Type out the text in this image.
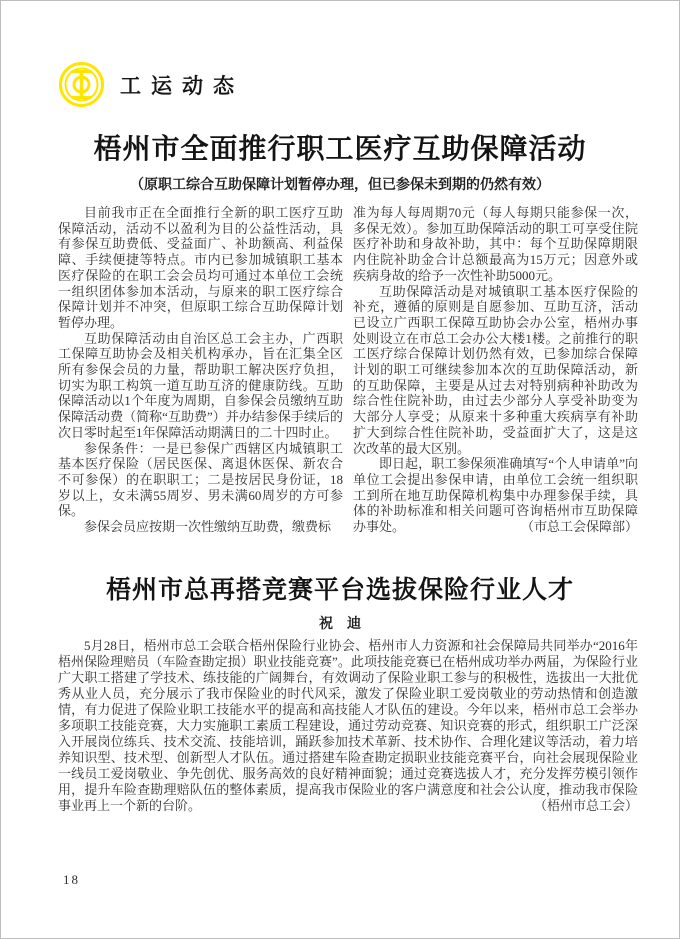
工运动态
梧州市全面推行职工医疗互助保障活动
（原职工综合互助保障计划暂停办理，但已参保未到期的仍然有效）

目前我市正在全面推行全新的职工医疗互助保障活动，活动不以盈利为目的公益性活动，具有参保互助费低、受益面广、补助额高、利益保障、手续便捷等特点。市内已参加城镇职工基本医疗保险的在职工会会员均可通过本单位工会统一组织团体参加本活动，与原来的职工医疗综合保障计划并不冲突，但原职工综合互助保障计划暂停办理。

互助保障活动由自治区总工会主办，广西职工保障互助协会及相关机构承办，旨在汇集全区所有参保会员的力量，帮助职工解决医疗负担，切实为职工构筑一道互助互济的健康防线。互助保障活动以1个年度为周期，自参保会员缴纳互助保障活动费（简称“互助费”）并办结参保手续后的次日零时起至1年保障活动期满日的二十四时止。

参保条件：一是已参保广西辖区内城镇职工基本医疗保险（居民医保、离退休医保、新农合不可参保）的在职职工；二是按居民身份证，18岁以上，女未满55周岁、男未满60周岁的方可参保。

参保会员应按期一次性缴纳互助费，缴费标

准为每人每周期70元（每人每期只能参保一次，多保无效）。参加互助保障活动的职工可享受住院医疗补助和身故补助，其中：每个互助保障期限内住院补助金合计总额最高为15万元；因意外或疾病身故的给予一次性补助5000元。

互助保障活动是对城镇职工基本医疗保险的补充，遵循的原则是自愿参加、互助互济，活动已设立广西职工保障互助协会办公室，梧州办事处则设立在市总工会办公大楼1楼。之前推行的职工医疗综合保障计划仍然有效，已参加综合保障计划的职工可继续参加本次的互助保障活动，新的互助保障，主要是从过去对特别病种补助改为综合性住院补助，由过去少部分人享受补助变为大部分人享受；从原来十多种重大疾病享有补助扩大到综合性住院补助，受益面扩大了，这是这次改革的最大区别。

即日起，职工参保须准确填写“个人申请单”向单位工会提出参保申请，由单位工会统一组织职工到所在地互助保障机构集中办理参保手续，具体的补助标准和相关问题可咨询梧州市互助保障办事处。	（市总工会保障部）

梧州市总再搭竞赛平台选拔保险行业人才
祝　迪

5月28日，梧州市总工会联合梧州保险行业协会、梧州市人力资源和社会保障局共同举办“2016年梧州保险理赔员（车险查勘定损）职业技能竞赛”。此项技能竞赛已在梧州成功举办两届，为保险行业广大职工搭建了学技术、练技能的广阔舞台，有效调动了保险业职工参与的积极性，选拔出一大批优秀从业人员，充分展示了我市保险业的时代风采，激发了保险业职工爱岗敬业的劳动热情和创造激情，有力促进了保险业职工技能水平的提高和高技能人才队伍的建设。今年以来，梧州市总工会举办多项职工技能竞赛，大力实施职工素质工程建设，通过劳动竞赛、知识竞赛的形式，组织职工广泛深入开展岗位练兵、技术交流、技能培训，踊跃参加技术革新、技术协作、合理化建议等活动，着力培养知识型、技术型、创新型人才队伍。通过搭建车险查勘定损职业技能竞赛平台，向社会展现保险业一线员工爱岗敬业、争先创优、服务高效的良好精神面貌；通过竞赛选拔人才，充分发挥劳模引领作用，提升车险查勘理赔队伍的整体素质，提高我市保险业的客户满意度和社会公认度，推动我市保险事业再上一个新的台阶。	（梧州市总工会）

18
